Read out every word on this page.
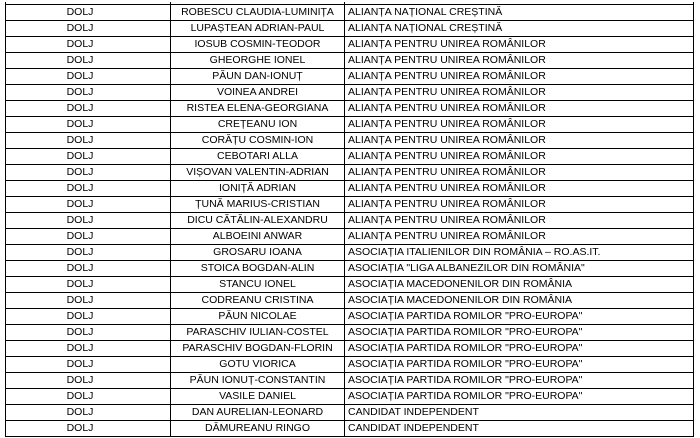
DOLJ	ROBESCU CLAUDIA-LUMINIȚA	ALIANȚA NAȚIONAL CREȘTINĂ
DOLJ	LUPAȘTEAN ADRIAN-PAUL	ALIANȚA NAȚIONAL CREȘTINĂ
DOLJ	IOSUB COSMIN-TEODOR	ALIANȚA PENTRU UNIREA ROMÂNILOR
DOLJ	GHEORGHE IONEL	ALIANȚA PENTRU UNIREA ROMÂNILOR
DOLJ	PĂUN DAN-IONUȚ	ALIANȚA PENTRU UNIREA ROMÂNILOR
DOLJ	VOINEA ANDREI	ALIANȚA PENTRU UNIREA ROMÂNILOR
DOLJ	RISTEA ELENA-GEORGIANA	ALIANȚA PENTRU UNIREA ROMÂNILOR
DOLJ	CREȚEANU ION	ALIANȚA PENTRU UNIREA ROMÂNILOR
DOLJ	CORĂȚU COSMIN-ION	ALIANȚA PENTRU UNIREA ROMÂNILOR
DOLJ	CEBOTARI ALLA	ALIANȚA PENTRU UNIREA ROMÂNILOR
DOLJ	VIȘOVAN VALENTIN-ADRIAN	ALIANȚA PENTRU UNIREA ROMÂNILOR
DOLJ	IONIȚĂ ADRIAN	ALIANȚA PENTRU UNIREA ROMÂNILOR
DOLJ	ȚUNĂ MARIUS-CRISTIAN	ALIANȚA PENTRU UNIREA ROMÂNILOR
DOLJ	DICU CĂTĂLIN-ALEXANDRU	ALIANȚA PENTRU UNIREA ROMÂNILOR
DOLJ	ALBOEINI ANWAR	ALIANȚA PENTRU UNIREA ROMÂNILOR
DOLJ	GROSARU IOANA	ASOCIAȚIA ITALIENILOR DIN ROMÂNIA – RO.AS.IT.
DOLJ	STOICA BOGDAN-ALIN	ASOCIAȚIA "LIGA ALBANEZILOR DIN ROMÂNIA"
DOLJ	STANCU IONEL	ASOCIAȚIA MACEDONENILOR DIN ROMÂNIA
DOLJ	CODREANU CRISTINA	ASOCIAȚIA MACEDONENILOR DIN ROMÂNIA
DOLJ	PĂUN NICOLAE	ASOCIAȚIA PARTIDA ROMILOR "PRO-EUROPA"
DOLJ	PARASCHIV IULIAN-COSTEL	ASOCIAȚIA PARTIDA ROMILOR "PRO-EUROPA"
DOLJ	PARASCHIV BOGDAN-FLORIN	ASOCIAȚIA PARTIDA ROMILOR "PRO-EUROPA"
DOLJ	GOTU VIORICA	ASOCIAȚIA PARTIDA ROMILOR "PRO-EUROPA"
DOLJ	PĂUN IONUȚ-CONSTANTIN	ASOCIAȚIA PARTIDA ROMILOR "PRO-EUROPA"
DOLJ	VASILE DANIEL	ASOCIAȚIA PARTIDA ROMILOR "PRO-EUROPA"
DOLJ	DAN AURELIAN-LEONARD	CANDIDAT INDEPENDENT
DOLJ	DĂMUREANU RINGO	CANDIDAT INDEPENDENT
